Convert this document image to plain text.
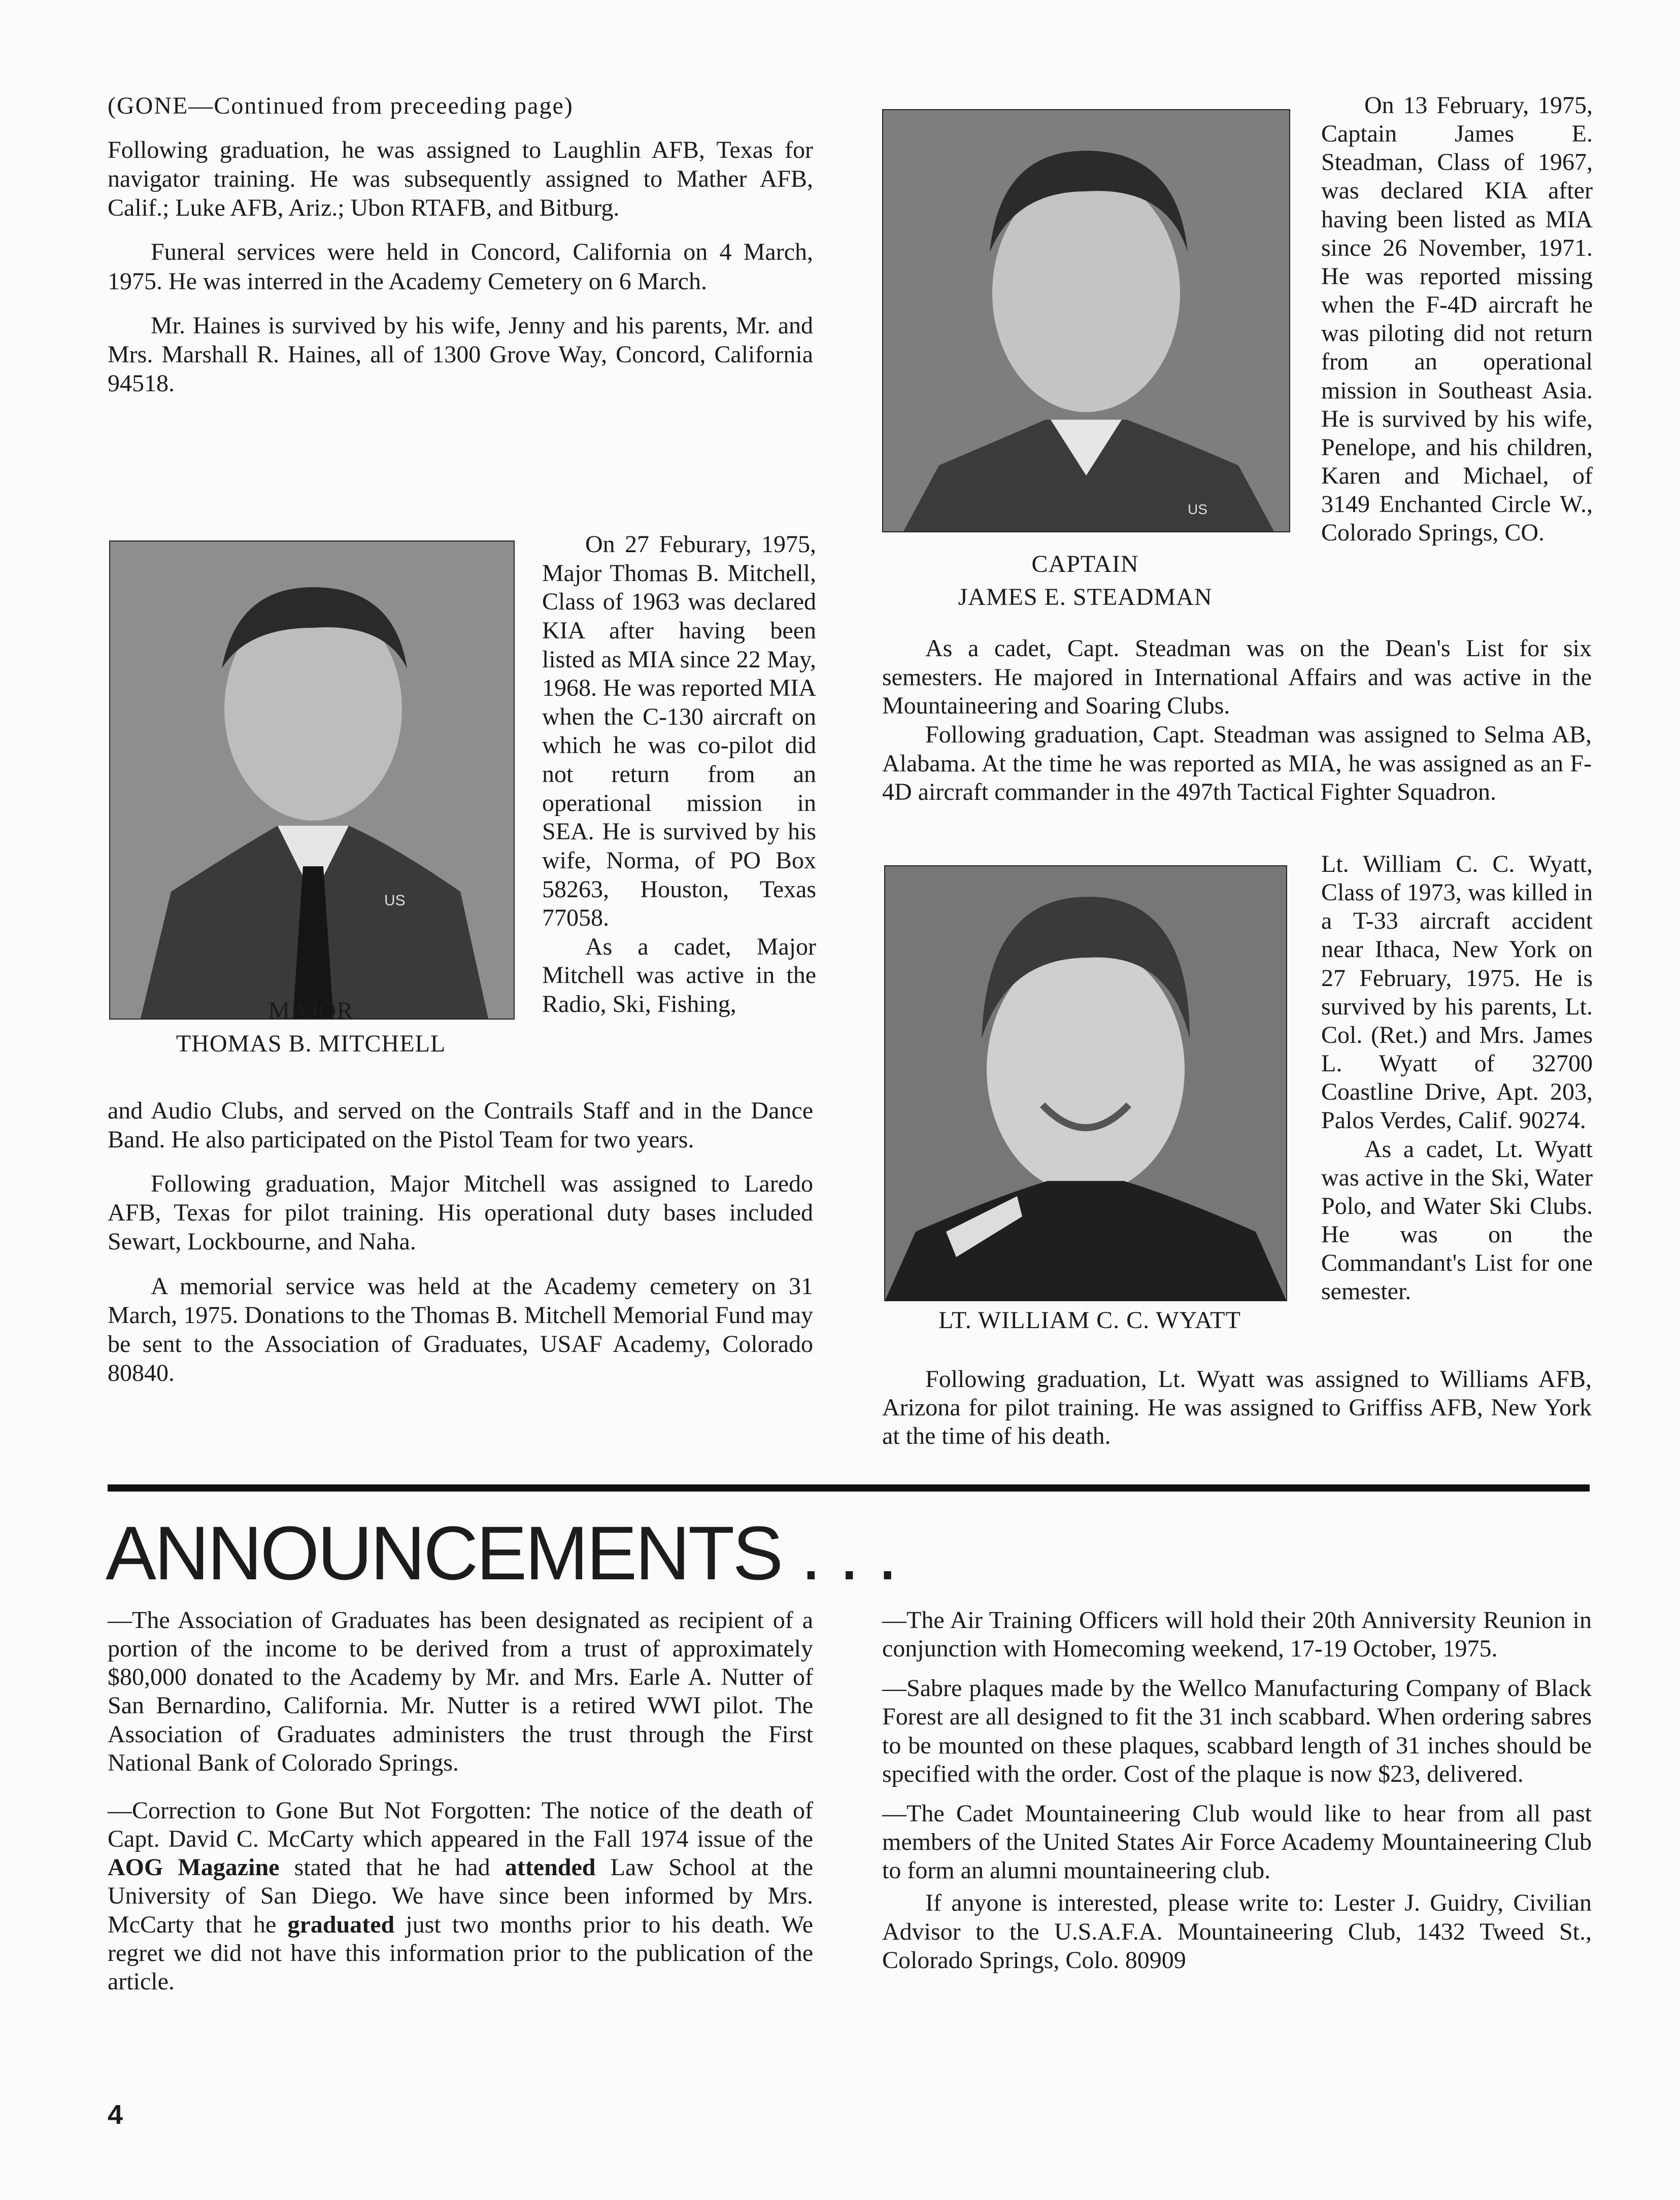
(GONE—Continued from preceeding page)

Following graduation, he was assigned to Laughlin AFB, Texas for navigator training. He was subsequently assigned to Mather AFB, Calif.; Luke AFB, Ariz.; Ubon RTAFB, and Bitburg.

Funeral services were held in Concord, California on 4 March, 1975. He was interred in the Academy Cemetery on 6 March.

Mr. Haines is survived by his wife, Jenny and his parents, Mr. and Mrs. Marshall R. Haines, all of 1300 Grove Way, Concord, California 94518.

US
MAJOR
THOMAS B. MITCHELL

On 27 Feburary, 1975, Major Thomas B. Mitchell, Class of 1963 was declared KIA after having been listed as MIA since 22 May, 1968. He was reported MIA when the C-130 aircraft on which he was co-pilot did not return from an operational mission in SEA. He is survived by his wife, Norma, of PO Box 58263, Houston, Texas 77058.

As a cadet, Major Mitchell was active in the Radio, Ski, Fishing,

and Audio Clubs, and served on the Contrails Staff and in the Dance Band. He also participated on the Pistol Team for two years.

Following graduation, Major Mitchell was assigned to Laredo AFB, Texas for pilot training. His operational duty bases included Sewart, Lockbourne, and Naha.

A memorial service was held at the Academy cemetery on 31 March, 1975. Donations to the Thomas B. Mitchell Memorial Fund may be sent to the Association of Graduates, USAF Academy, Colorado 80840.

US
CAPTAIN
JAMES E. STEADMAN

On 13 February, 1975, Captain James E. Steadman, Class of 1967, was declared KIA after having been listed as MIA since 26 November, 1971. He was reported missing when the F-4D aircraft he was piloting did not return from an operational mission in Southeast Asia. He is survived by his wife, Penelope, and his children, Karen and Michael, of 3149 Enchanted Circle W., Colorado Springs, CO.

As a cadet, Capt. Steadman was on the Dean's List for six semesters. He majored in International Affairs and was active in the Mountaineering and Soaring Clubs.

Following graduation, Capt. Steadman was assigned to Selma AB, Alabama. At the time he was reported as MIA, he was assigned as an F-4D aircraft commander in the 497th Tactical Fighter Squadron.

LT. WILLIAM C. C. WYATT

Lt. William C. C. Wyatt, Class of 1973, was killed in a T-33 aircraft accident near Ithaca, New York on 27 February, 1975. He is survived by his parents, Lt. Col. (Ret.) and Mrs. James L. Wyatt of 32700 Coastline Drive, Apt. 203, Palos Verdes, Calif. 90274.

As a cadet, Lt. Wyatt was active in the Ski, Water Polo, and Water Ski Clubs. He was on the Commandant's List for one semester.

Following graduation, Lt. Wyatt was assigned to Williams AFB, Arizona for pilot training. He was assigned to Griffiss AFB, New York at the time of his death.

ANNOUNCEMENTS . . .

—The Association of Graduates has been designated as recipient of a portion of the income to be derived from a trust of approximately $80,000 donated to the Academy by Mr. and Mrs. Earle A. Nutter of San Bernardino, California. Mr. Nutter is a retired WWI pilot. The Association of Graduates administers the trust through the First National Bank of Colorado Springs.

—Correction to Gone But Not Forgotten: The notice of the death of Capt. David C. McCarty which appeared in the Fall 1974 issue of the AOG Magazine stated that he had attended Law School at the University of San Diego. We have since been informed by Mrs. McCarty that he graduated just two months prior to his death. We regret we did not have this information prior to the publication of the article.

—The Air Training Officers will hold their 20th Anniversity Reunion in conjunction with Homecoming weekend, 17-19 October, 1975.

—Sabre plaques made by the Wellco Manufacturing Company of Black Forest are all designed to fit the 31 inch scabbard. When ordering sabres to be mounted on these plaques, scabbard length of 31 inches should be specified with the order. Cost of the plaque is now $23, delivered.

—The Cadet Mountaineering Club would like to hear from all past members of the United States Air Force Academy Mountaineering Club to form an alumni mountaineering club.

If anyone is interested, please write to: Lester J. Guidry, Civilian Advisor to the U.S.A.F.A. Mountaineering Club, 1432 Tweed St., Colorado Springs, Colo. 80909

4
